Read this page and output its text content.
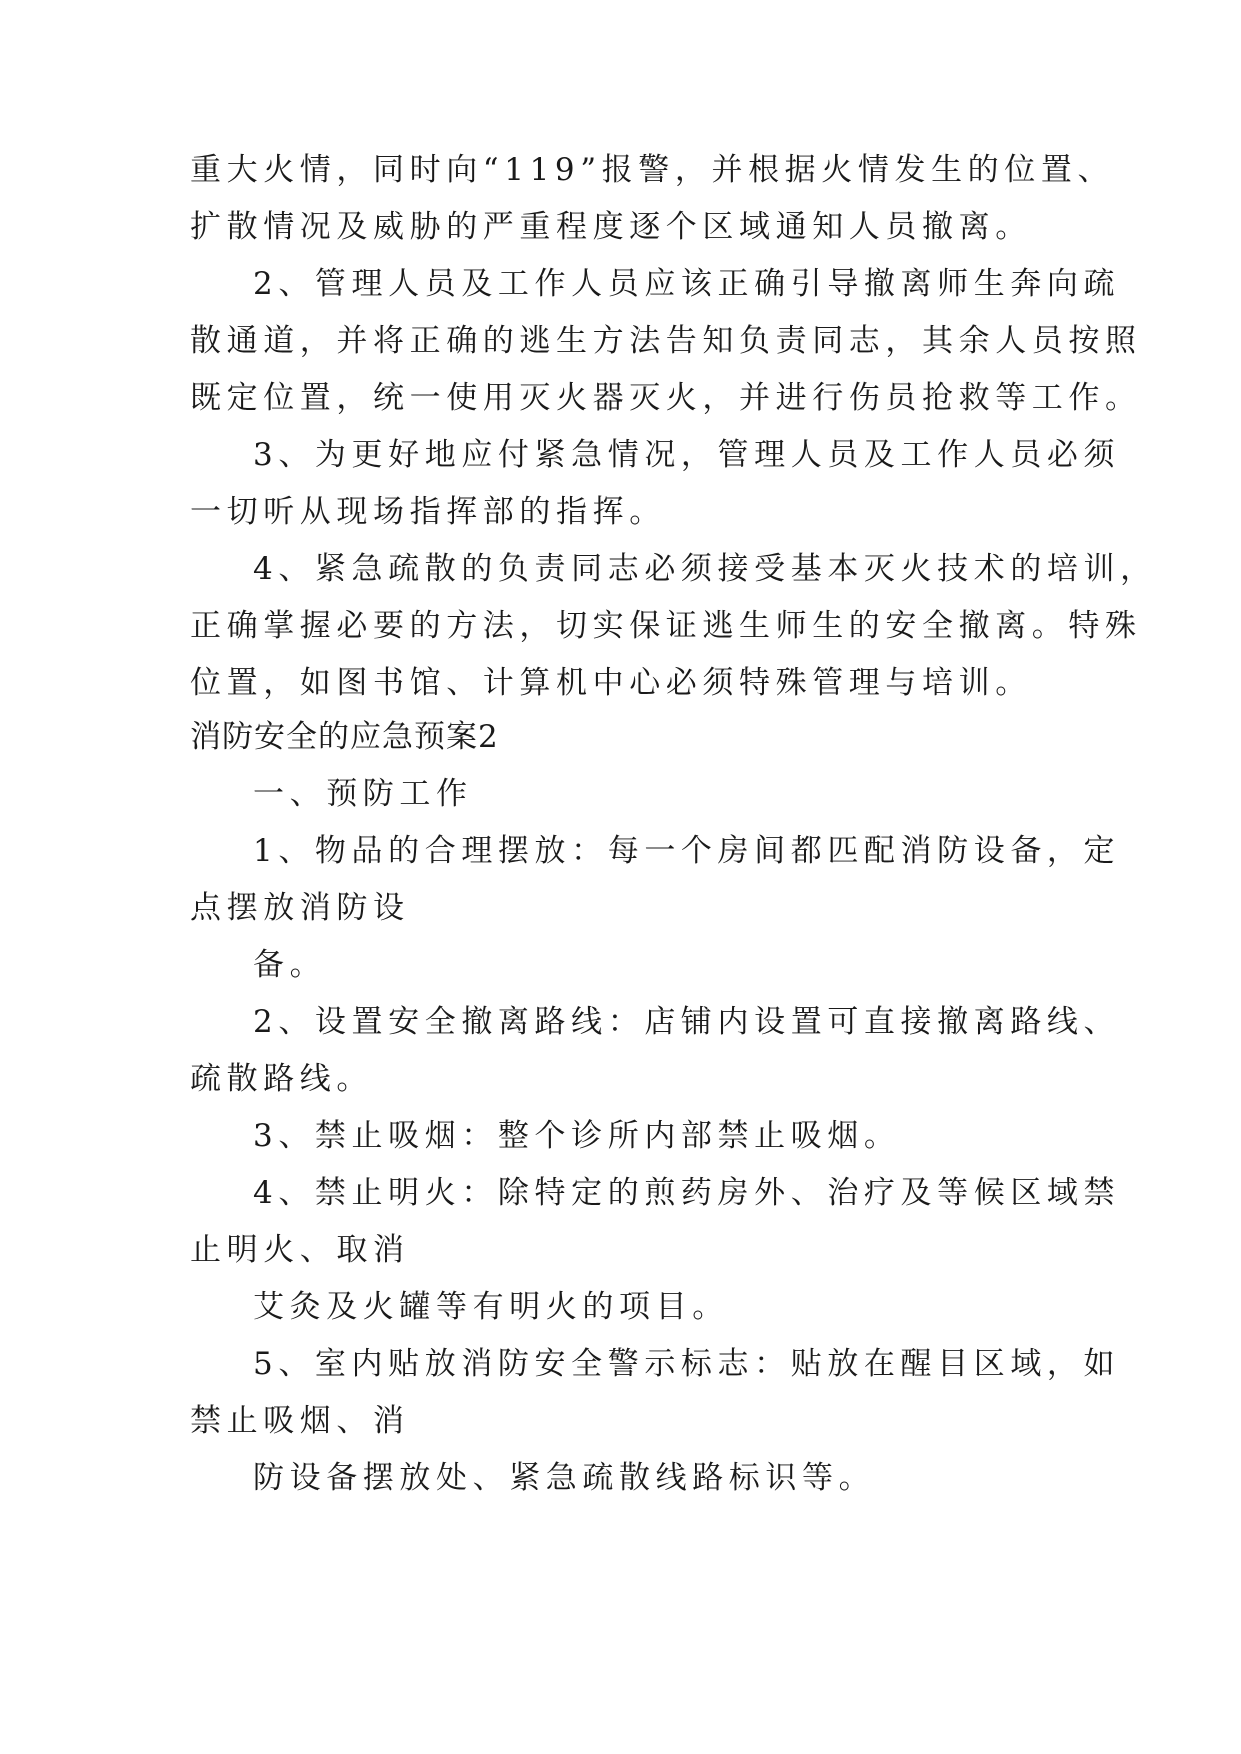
重大火情，同时向“119”报警，并根据火情发生的位置、
扩散情况及威胁的严重程度逐个区域通知人员撤离。
2、管理人员及工作人员应该正确引导撤离师生奔向疏
散通道，并将正确的逃生方法告知负责同志，其余人员按照
既定位置，统一使用灭火器灭火，并进行伤员抢救等工作。
3、为更好地应付紧急情况，管理人员及工作人员必须
一切听从现场指挥部的指挥。
4、紧急疏散的负责同志必须接受基本灭火技术的培训，
正确掌握必要的方法，切实保证逃生师生的安全撤离。特殊
位置，如图书馆、计算机中心必须特殊管理与培训。
消防安全的应急预案2
一、预防工作
1、物品的合理摆放：每一个房间都匹配消防设备，定
点摆放消防设
备。
2、设置安全撤离路线：店铺内设置可直接撤离路线、
疏散路线。
3、禁止吸烟：整个诊所内部禁止吸烟。
4、禁止明火：除特定的煎药房外、治疗及等候区域禁
止明火、取消
艾灸及火罐等有明火的项目。
5、室内贴放消防安全警示标志：贴放在醒目区域，如
禁止吸烟、消
防设备摆放处、紧急疏散线路标识等。
